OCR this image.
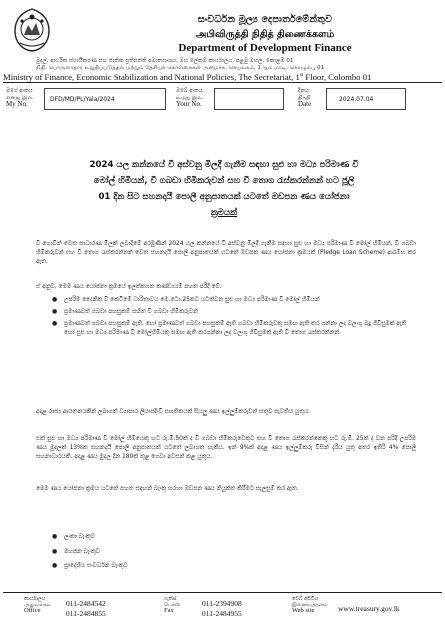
සංවර්ධන මූල්‍ය දෙපාර්තමේන්තුව
அபிவிருத்தி நிதித் திணைக்களம்
Department of Development Finance
මුදල්, ආර්ථික ස්ථායීකරණ සහ ජාතික ප්‍රතිපත්ති අමාත්‍යාංශය, මහ ලේකම් කාර්යාලය, පළමු මහල, කොළඹ 01
நிதி, பொருளாதார உறுதிப்படுத்தல் மற்றும் தேசியக் கொள்கைகள் அமைச்சு, செயலகம், 1ஆம் மாடி, கொழும்பு 01
Ministry of Finance, Economic Stabilization and National Policies, The Secretariat, 1st Floor, Colombo 01
මගේ අංකය
எனது இல.
My No.
DFD/MD/PL/Yala/2024
ඔබේ අංකය
உமது இல.
Your No.
දිනය
திகதி
Date
2024.07.04
2024 යල කන්නයේ වී අස්වනු මිලදී ගැනීම සඳහා සුළු හා මධ්‍ය පරිමාණ වී
මෝල් හිමියන්, වී ගබඩා හිමිකරුවන් සහ වී තොග රැස්කරන්නන් හට ජූලි
01 දින සිට සහනදායී පොලී අනුපාතයක් යටතේ ඔඩපන ණය යෝජනා
ක්‍රමයක්
වී ගොවීන් වෙත සාධාරණ මිලක් ලබාදීමේ අරමුණින් 2024 යල කන්නයේ වී අස්වනු මිලදී ගැනීම සඳහා සුළු හා මධ්‍ය පරිමාණ වී මෝල් හිමියන්, වී ගබඩා හිමිකරුවන් සහ වී තොග රැස්කරන්නන් වෙත සහනදායී පොලී අනුපාතයක් යටතේ ඔඩපන ණය යෝජනා ක්‍රමයක් (Pledge Loan Scheme) ආරම්භ කර ඇත.
ඒ අනුව, මෙම ණය යෝජනා ක්‍රමයේ ඉලක්කගත කණ්ඩායම් පහත පරිදි වේ.
● උපරිම දෛනික වී කෙටීමේ ධාරිතාවය මෙ.ටො.25කට යටත්වන සුළු හා මධ්‍ය පරිමාණ වී මෝල් හිමියන්
● ප්‍රමාණවත් ගබඩා පහසුකම් සහිත වී ගබඩා හිමිකරුවන්
● ප්‍රමාණවත් ගබඩා පහසුකම් ඇති, හෝ ප්‍රමාණවත් ගබඩා පහසුකම් ඇති ගබඩා හිමිකරුවකු සමඟ ඇති කර ගන්නා ලද වලංගු බදු ගිවිසුමක් ඇති හෝ සුළු හා මධ්‍ය පරිමාණ වී මෝල්හිමියකු සමඟ ඇති කරගන්නා ලද වලංගු ගිවිසුමක් ඇති වී තොග රැස්කරන්නන්.
අදාළ රාජ්‍ය ආයතනයකින් ලබාගත් ව්‍යාපාර ලියාපදිංචි සහතිකයක් සියලු ණය ඉල්ලුම්කරුවන් සතුව පැවතිය යුතුය.
එක් සුළු හා මධ්‍ය පරිමාණ වී මෝල් හිමියෙකු හට රු.මි.50ක් ද වී ගබඩා හිමිකරුවෙකුට සහ වී තොග රැස්කරන්නෙකු හට රු.මි. 25ක් ද වන පරිදි උපරිම ණය මුදලක් 13%ක සහනදායී පොලී අනුපාතයක් යටතේ ලබාගත හැකිය. ඉන් 9%ක් අදාළ ණය ඉල්ලුම්කරු විසින් දැරිය යුතු අතර ඉතිරි 4% පොලී සහනාධාරයකි. අදාළ ණය මුදල දින 180ක් තුළ ගෙවා අවසන් කළ යුතුය.
මෙම ණය යෝජනා ක්‍රමය යටතේ පහත සඳහන් බැංකු හරහා ඔඩපන ණය නියුක්ත කිරීමට සැලසුම් කර ඇත.
● ලංකා බැංකුව
● මහජන බැංකුව
● ප්‍රාදේශීය සංවර්ධන බැංකුව
කාර්යාලය
அலுவலகம்
Office
011-2484542
011-2484855
ෆැක්ස්
பெக்ஸ்
Fax
011-2394908
011-2484955
වෙබ් අඩවිය
இணையத்தளம்
Web site	www.treasury.gov.lk
